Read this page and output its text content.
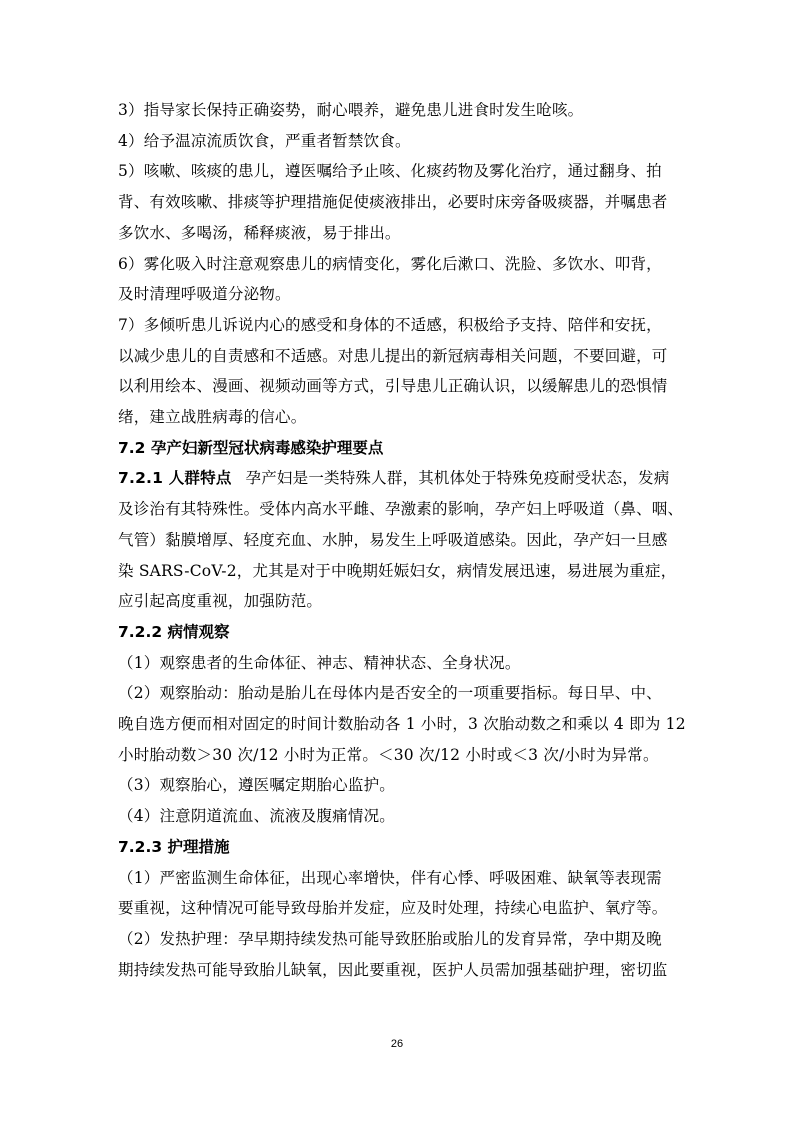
3）指导家长保持正确姿势，耐心喂养，避免患儿进食时发生呛咳。
4）给予温凉流质饮食，严重者暂禁饮食。
5）咳嗽、咳痰的患儿，遵医嘱给予止咳、化痰药物及雾化治疗，通过翻身、拍
背、有效咳嗽、排痰等护理措施促使痰液排出，必要时床旁备吸痰器，并嘱患者
多饮水、多喝汤，稀释痰液，易于排出。
6）雾化吸入时注意观察患儿的病情变化，雾化后漱口、洗脸、多饮水、叩背，
及时清理呼吸道分泌物。
7）多倾听患儿诉说内心的感受和身体的不适感，积极给予支持、陪伴和安抚，
以减少患儿的自责感和不适感。对患儿提出的新冠病毒相关问题，不要回避，可
以利用绘本、漫画、视频动画等方式，引导患儿正确认识，以缓解患儿的恐惧情
绪，建立战胜病毒的信心。
7.2 孕产妇新型冠状病毒感染护理要点
7.2.1 人群特点 孕产妇是一类特殊人群，其机体处于特殊免疫耐受状态，发病
及诊治有其特殊性。受体内高水平雌、孕激素的影响，孕产妇上呼吸道（鼻、咽、
气管）黏膜增厚、轻度充血、水肿，易发生上呼吸道感染。因此，孕产妇一旦感
染 SARS-CoV-2，尤其是对于中晚期妊娠妇女，病情发展迅速，易进展为重症，
应引起高度重视，加强防范。
7.2.2 病情观察
（1）观察患者的生命体征、神志、精神状态、全身状况。
（2）观察胎动：胎动是胎儿在母体内是否安全的一项重要指标。每日早、中、
晚自选方便而相对固定的时间计数胎动各 1 小时，3 次胎动数之和乘以 4 即为 12
小时胎动数＞30 次/12 小时为正常。＜30 次/12 小时或＜3 次/小时为异常。
（3）观察胎心，遵医嘱定期胎心监护。
（4）注意阴道流血、流液及腹痛情况。
7.2.3 护理措施
（1）严密监测生命体征，出现心率增快，伴有心悸、呼吸困难、缺氧等表现需
要重视，这种情况可能导致母胎并发症，应及时处理，持续心电监护、氧疗等。
（2）发热护理：孕早期持续发热可能导致胚胎或胎儿的发育异常，孕中期及晚
期持续发热可能导致胎儿缺氧，因此要重视，医护人员需加强基础护理，密切监
26
